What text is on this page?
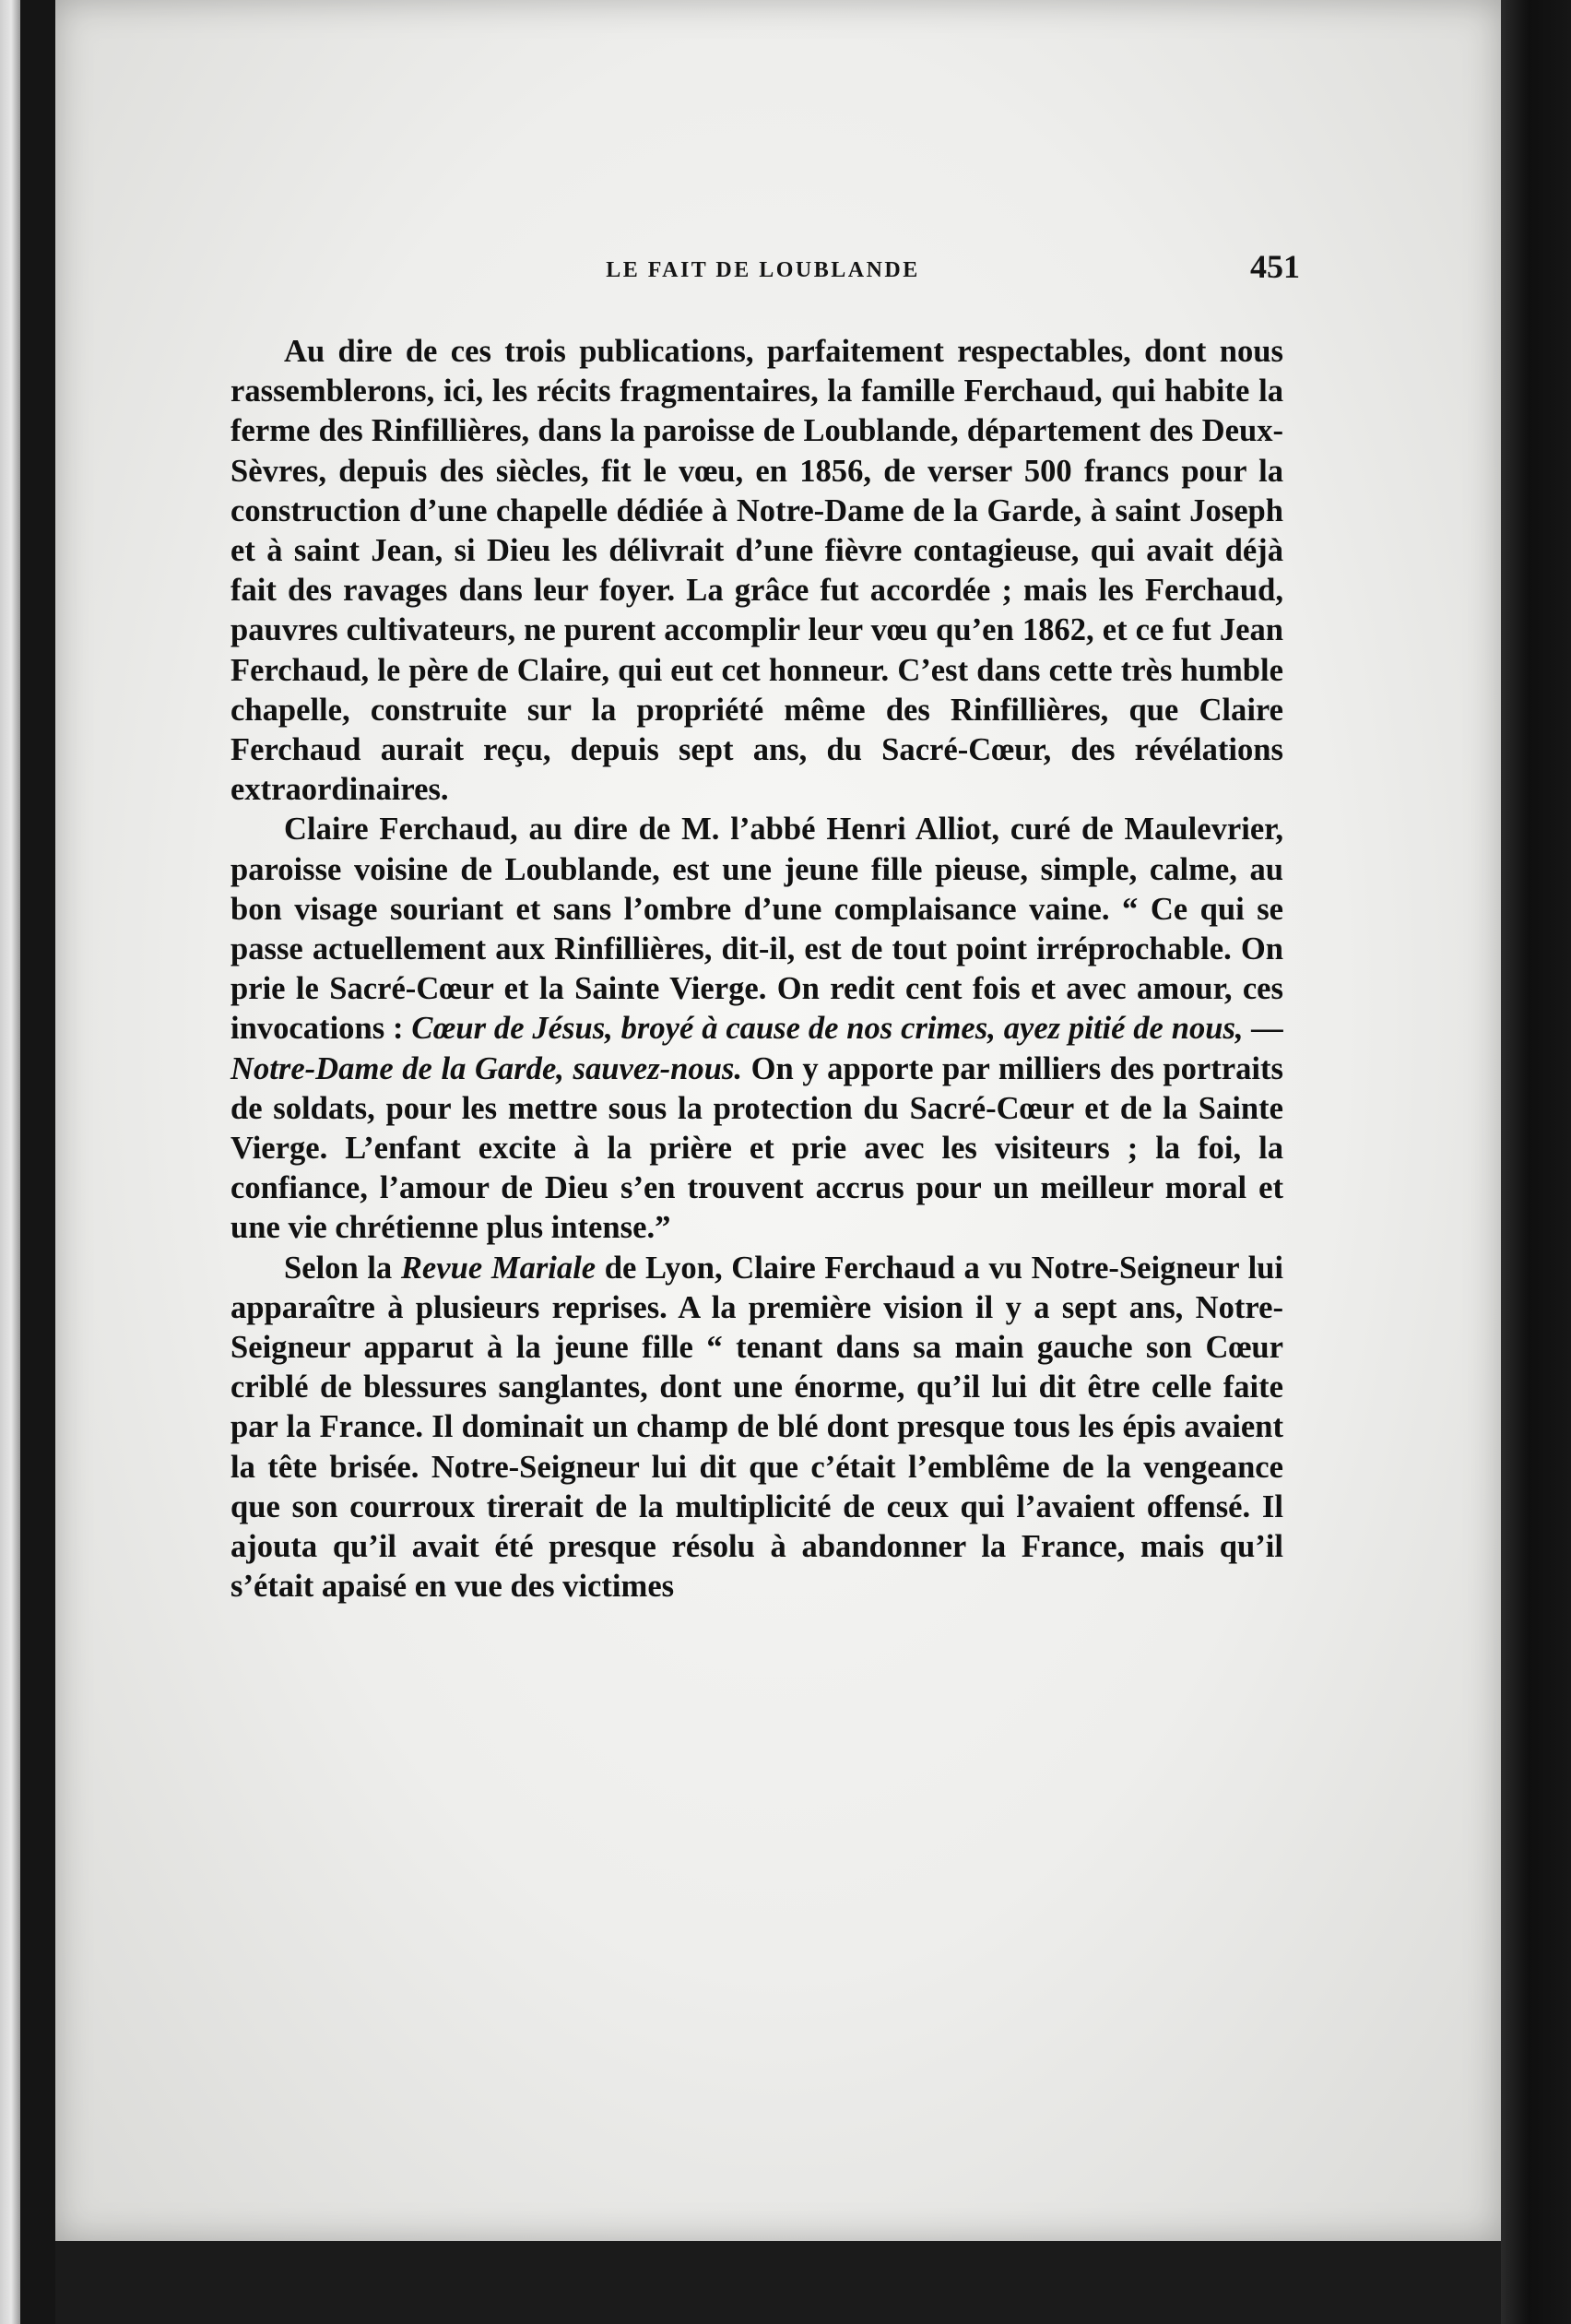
LE FAIT DE LOUBLANDE	451

Au dire de ces trois publications, parfaitement respectables, dont nous rassemblerons, ici, les récits fragmentaires, la famille Ferchaud, qui habite la ferme des Rinfillières, dans la paroisse de Loublande, département des Deux-Sèvres, depuis des siècles, fit le vœu, en 1856, de verser 500 francs pour la construction d’une chapelle dédiée à Notre-Dame de la Garde, à saint Joseph et à saint Jean, si Dieu les délivrait d’une fièvre contagieuse, qui avait déjà fait des ravages dans leur foyer. La grâce fut accordée ; mais les Ferchaud, pauvres cultivateurs, ne purent accomplir leur vœu qu’en 1862, et ce fut Jean Ferchaud, le père de Claire, qui eut cet honneur. C’est dans cette très humble chapelle, construite sur la propriété même des Rinfillières, que Claire Ferchaud aurait reçu, depuis sept ans, du Sacré-Cœur, des révélations extraordinaires.

Claire Ferchaud, au dire de M. l’abbé Henri Alliot, curé de Maulevrier, paroisse voisine de Loublande, est une jeune fille pieuse, simple, calme, au bon visage souriant et sans l’ombre d’une complaisance vaine. “ Ce qui se passe actuellement aux Rinfillières, dit-il, est de tout point irréprochable. On prie le Sacré-Cœur et la Sainte Vierge. On redit cent fois et avec amour, ces invocations : Cœur de Jésus, broyé à cause de nos crimes, ayez pitié de nous, — Notre-Dame de la Garde, sauvez-nous. On y apporte par milliers des portraits de soldats, pour les mettre sous la protection du Sacré-Cœur et de la Sainte Vierge. L’enfant excite à la prière et prie avec les visiteurs ; la foi, la confiance, l’amour de Dieu s’en trouvent accrus pour un meilleur moral et une vie chrétienne plus intense.”

Selon la Revue Mariale de Lyon, Claire Ferchaud a vu Notre-Seigneur lui apparaître à plusieurs reprises. A la première vision il y a sept ans, Notre-Seigneur apparut à la jeune fille “ tenant dans sa main gauche son Cœur criblé de blessures sanglantes, dont une énorme, qu’il lui dit être celle faite par la France. Il dominait un champ de blé dont presque tous les épis avaient la tête brisée. Notre-Seigneur lui dit que c’était l’emblême de la vengeance que son courroux tirerait de la multiplicité de ceux qui l’avaient offensé. Il ajouta qu’il avait été presque résolu à abandonner la France, mais qu’il s’était apaisé en vue des victimes
